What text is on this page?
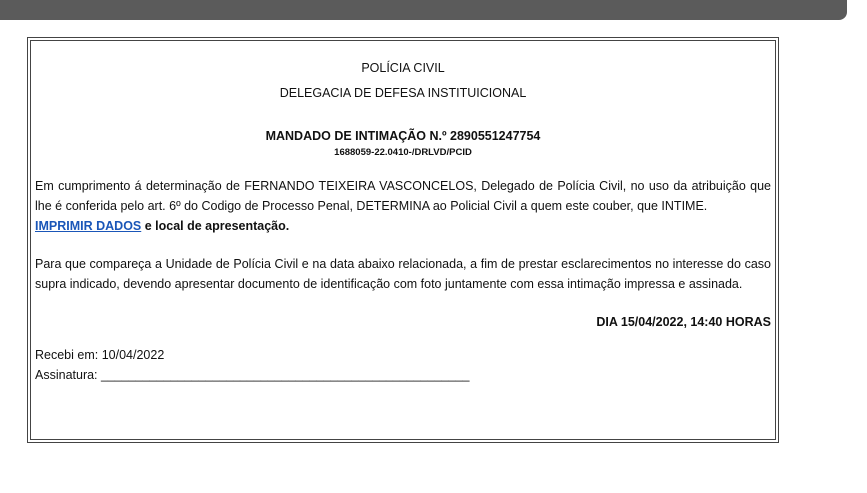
POLÍCIA CIVIL
DELEGACIA DE DEFESA INSTITUICIONAL
MANDADO DE INTIMAÇÃO N.º 2890551247754
1688059-22.0410-/DRLVD/PCID
Em cumprimento á determinação de FERNANDO TEIXEIRA VASCONCELOS, Delegado de Polícia Civil, no uso da atribuição que lhe é conferida pelo art. 6º do Codigo de Processo Penal, DETERMINA ao Policial Civil a quem este couber, que INTIME.
IMPRIMIR DADOS e local de apresentação.
Para que compareça a Unidade de Polícia Civil e na data abaixo relacionada, a fim de prestar esclarecimentos no interesse do caso supra indicado, devendo apresentar documento de identificação com foto juntamente com essa intimação impressa e assinada.
DIA 15/04/2022, 14:40 HORAS
Recebi em: 10/04/2022
Assinatura: _____________________________________________________
